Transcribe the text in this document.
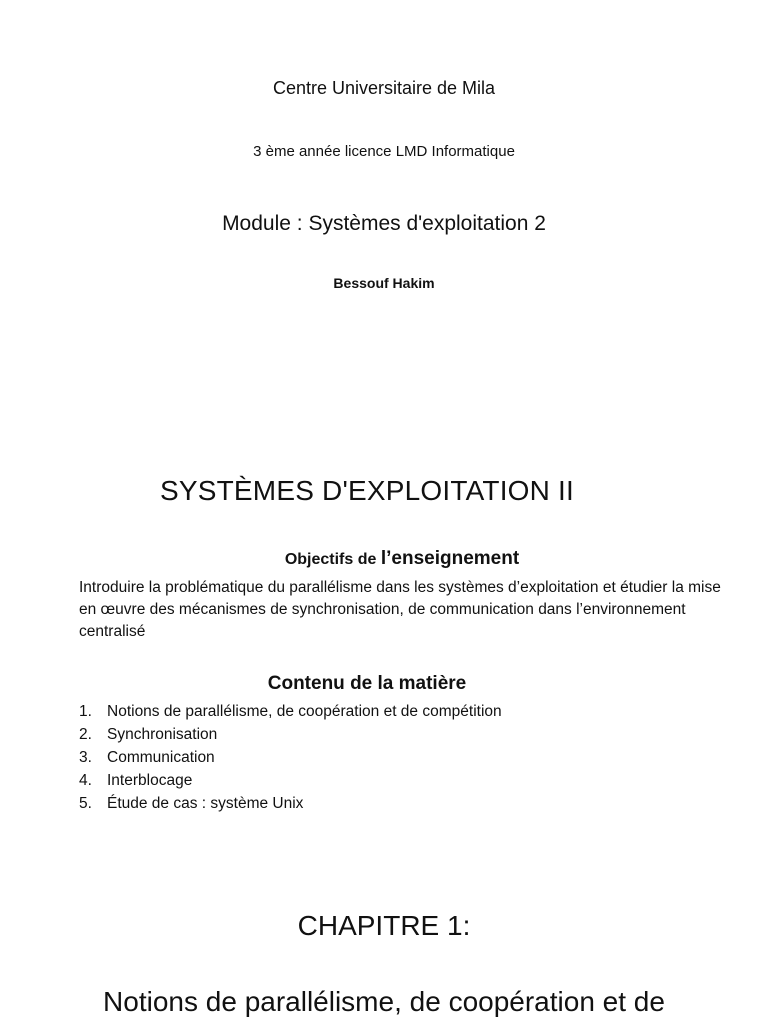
Centre Universitaire de Mila

3 ème année licence LMD Informatique

Module : Systèmes d'exploitation 2

Bessouf Hakim

SYSTÈMES D'EXPLOITATION II

Objectifs de l’enseignement

Introduire la problématique du parallélisme dans les systèmes d’exploitation et étudier la mise en œuvre des mécanismes de synchronisation, de communication dans l’environnement centralisé

Contenu de la matière

1. Notions de parallélisme, de coopération et de compétition
2. Synchronisation
3. Communication
4. Interblocage
5. Étude de cas : système Unix

CHAPITRE 1:

Notions de parallélisme, de coopération et de
